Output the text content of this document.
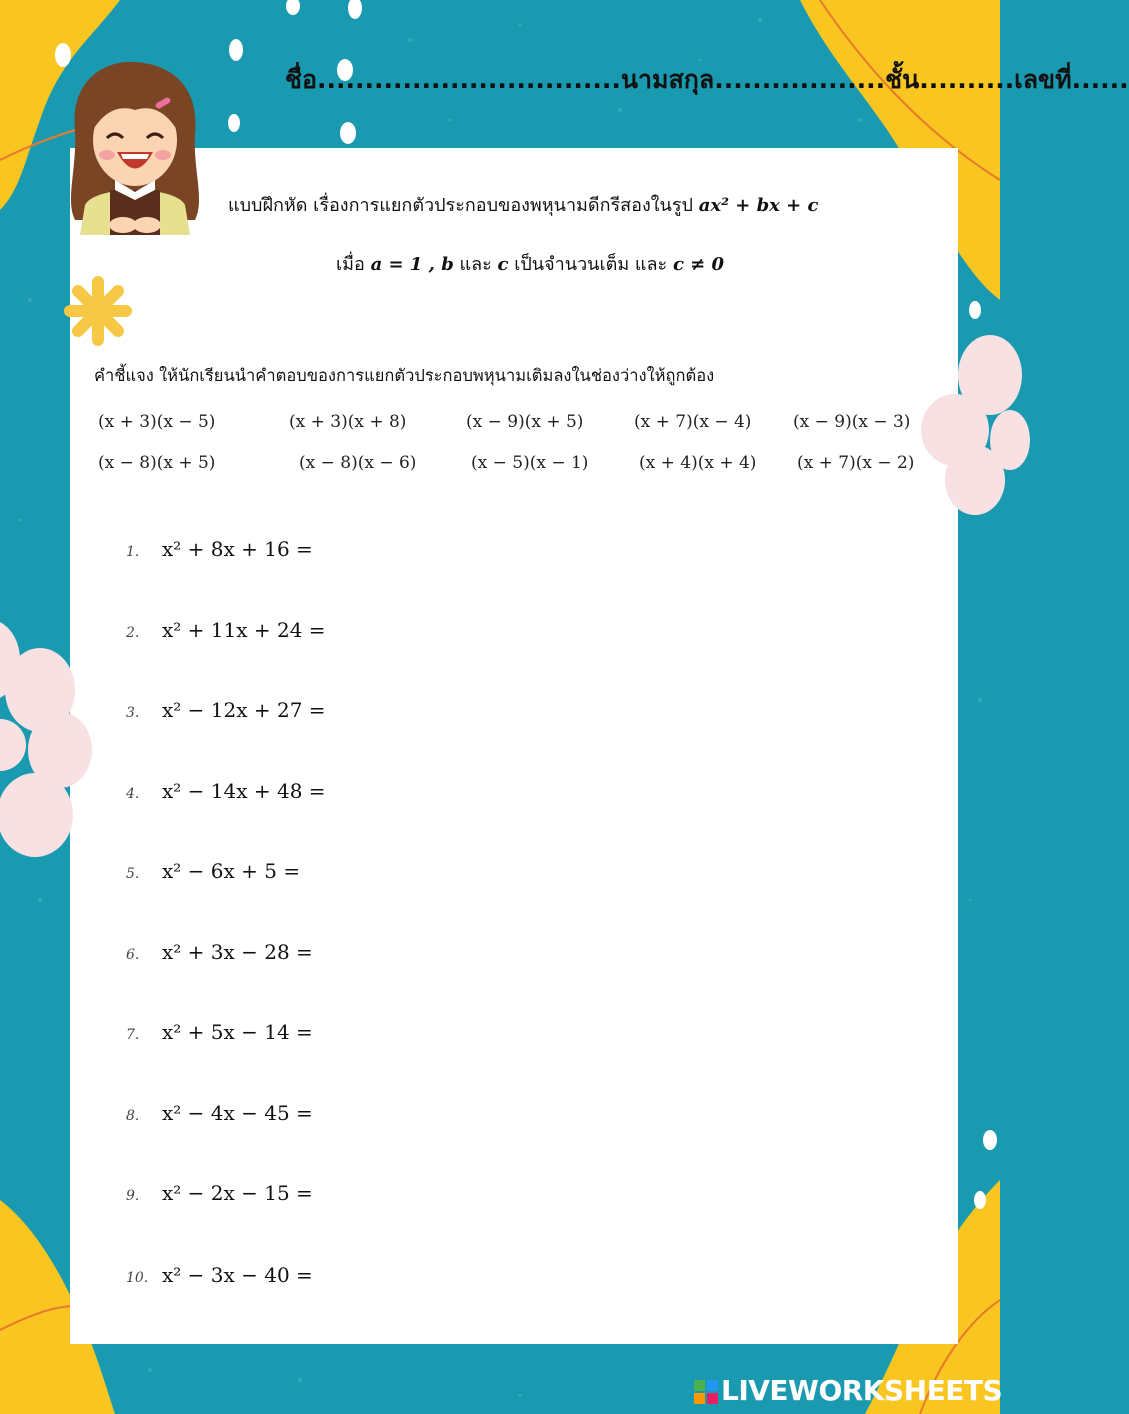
ชื่อ................................นามสกุล..................ชั้น..........เลขที่......
แบบฝึกหัด เรื่องการแยกตัวประกอบของพหุนามดีกรีสองในรูป ax² + bx + c
เมื่อ a = 1 , b และ c เป็นจำนวนเต็ม และ c ≠ 0
คำชี้แจง ให้นักเรียนนำคำตอบของการแยกตัวประกอบพหุนามเติมลงในช่องว่างให้ถูกต้อง
(x + 3)(x − 5)	(x + 3)(x + 8)	(x − 9)(x + 5)	(x + 7)(x − 4) (x − 9)(x − 3)
(x − 8)(x + 5)	(x − 8)(x − 6)	(x − 5)(x − 1)	(x + 4)(x + 4) (x + 7)(x − 2)
1. x² + 8x + 16 =
2. x² + 11x + 24 =
3. x² − 12x + 27 =
4. x² − 14x + 48 =
5. x² − 6x + 5 =
6. x² + 3x − 28 =
7. x² + 5x − 14 =
8. x² − 4x − 45 =
9. x² − 2x − 15 =
10. x² − 3x − 40 =
LIVEWORKSHEETS
